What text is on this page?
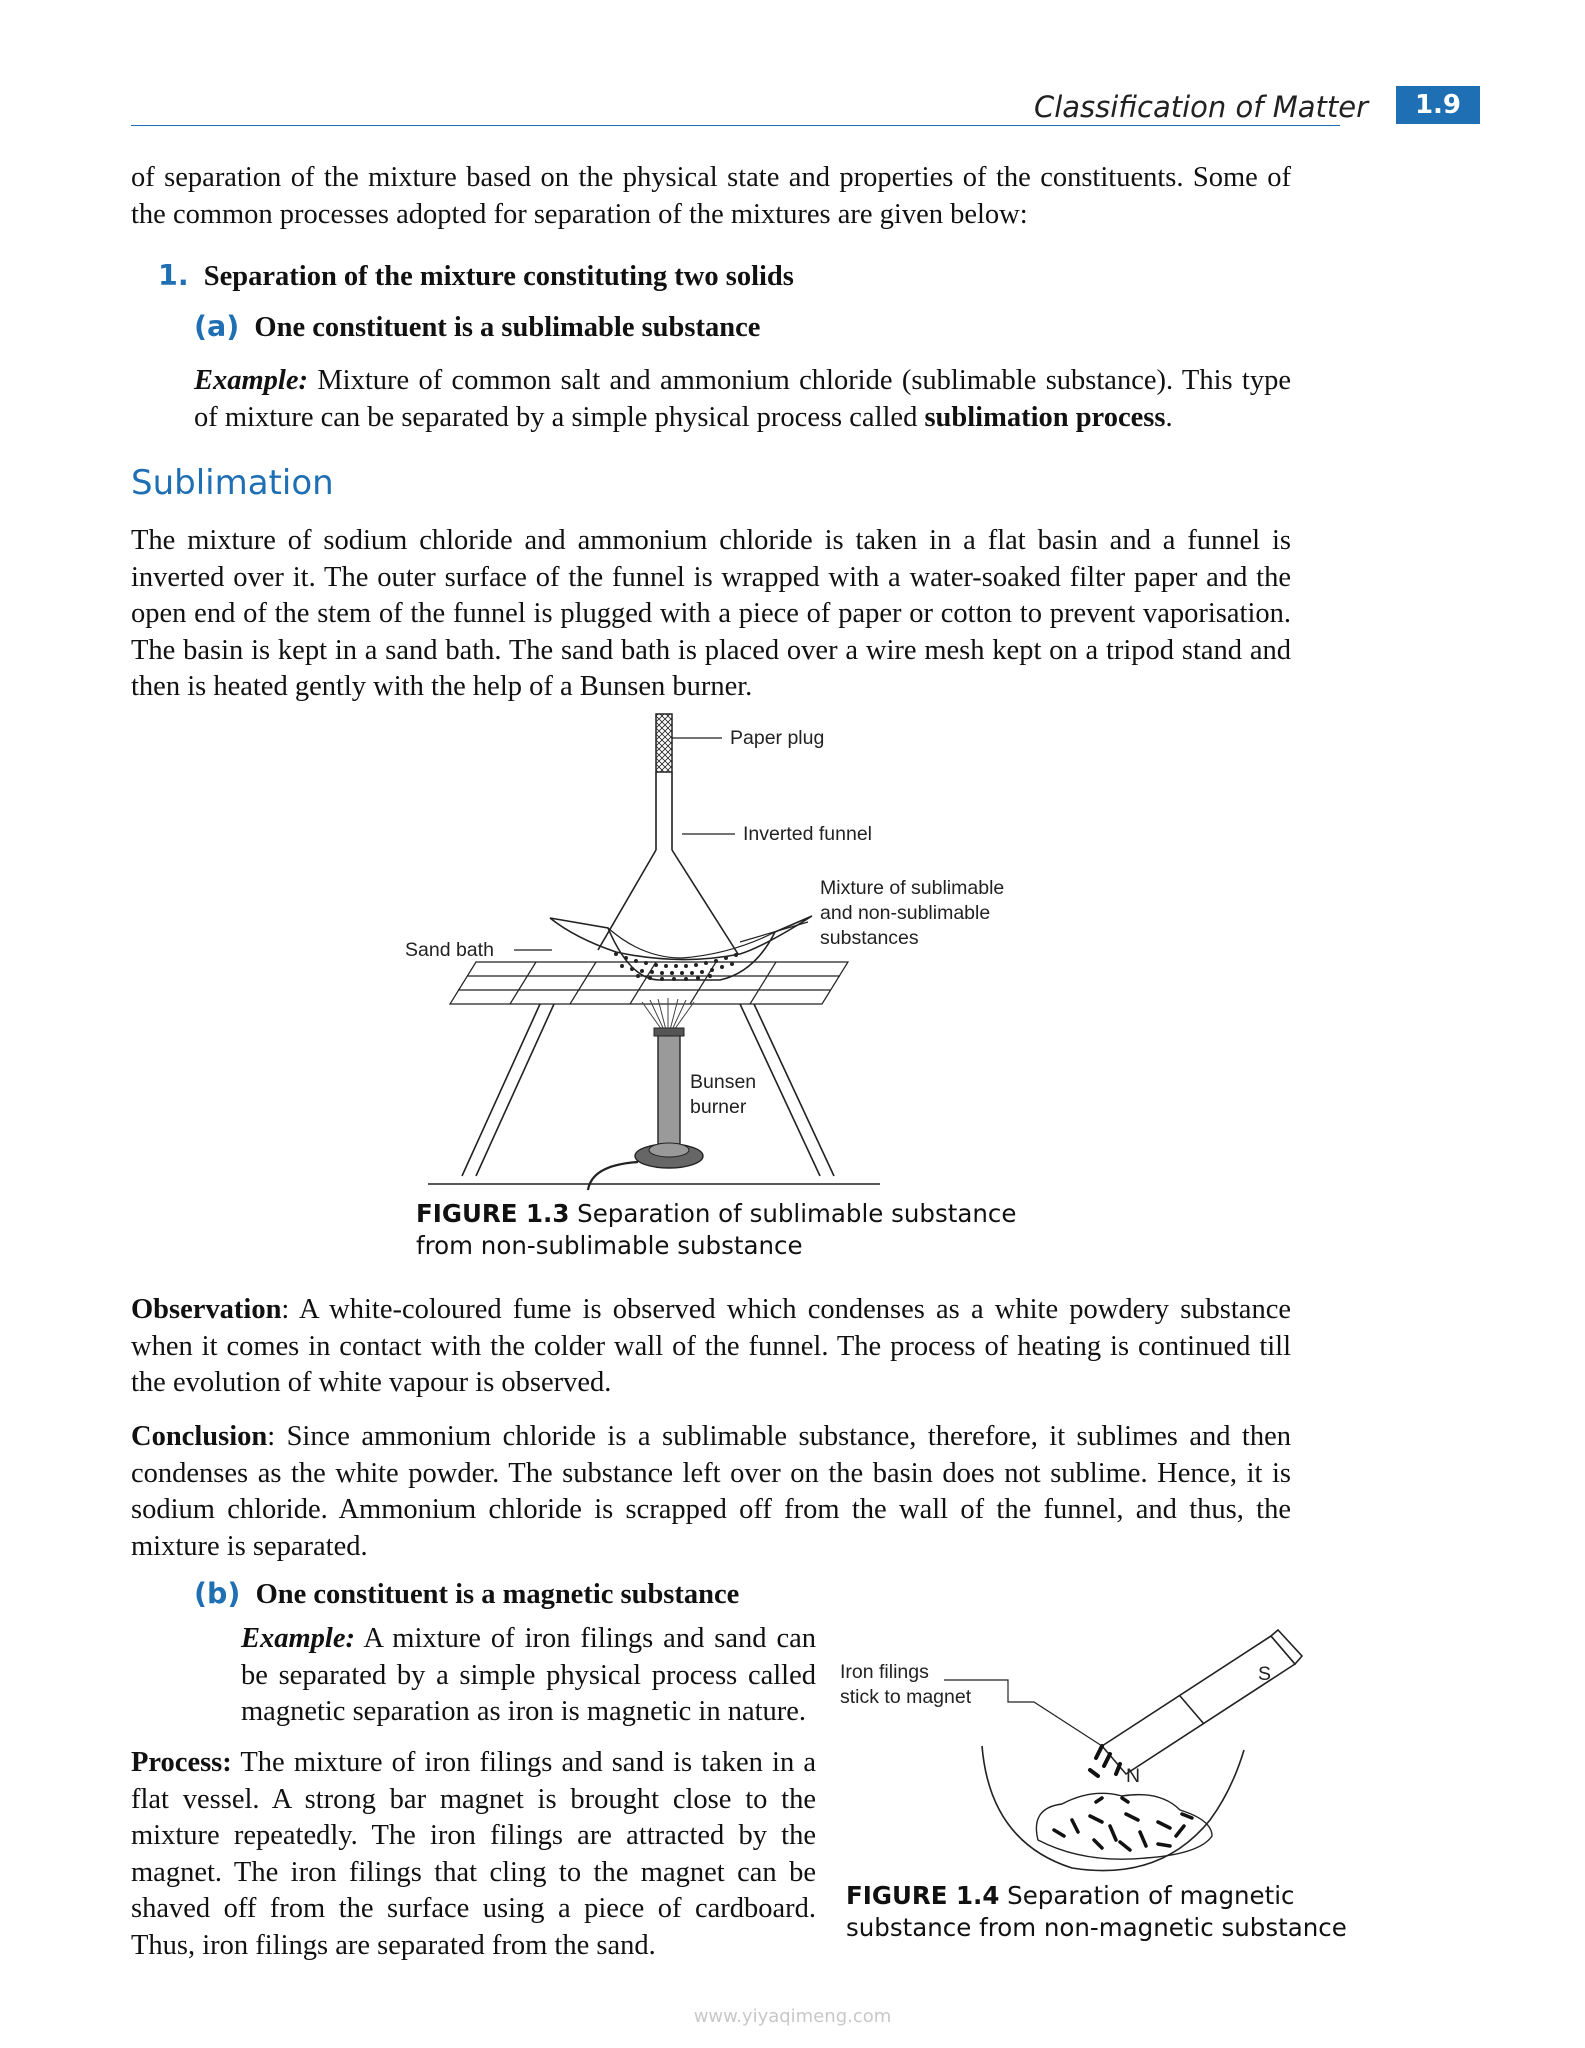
Classification of Matter	1.9
of separation of the mixture based on the physical state and properties of the constituents. Some of the common processes adopted for separation of the mixtures are given below:
1. Separation of the mixture constituting two solids
(a) One constituent is a sublimable substance
Example: Mixture of common salt and ammonium chloride (sublimable substance). This type of mixture can be separated by a simple physical process called sublimation process.
Sublimation
The mixture of sodium chloride and ammonium chloride is taken in a flat basin and a funnel is inverted over it. The outer surface of the funnel is wrapped with a water-soaked filter paper and the open end of the stem of the funnel is plugged with a piece of paper or cotton to prevent vaporisation. The basin is kept in a sand bath. The sand bath is placed over a wire mesh kept on a tripod stand and then is heated gently with the help of a Bunsen burner.
Paper plug
Inverted funnel
Mixture of sublimable
and non-sublimable
substances
Sand bath
Bunsen
burner
FIGURE 1.3 Separation of sublimable substance
from non-sublimable substance
Observation: A white-coloured fume is observed which condenses as a white powdery substance when it comes in contact with the colder wall of the funnel. The process of heating is continued till the evolution of white vapour is observed.
Conclusion: Since ammonium chloride is a sublimable substance, therefore, it sublimes and then condenses as the white powder. The substance left over on the basin does not sublime. Hence, it is sodium chloride. Ammonium chloride is scrapped off from the wall of the funnel, and thus, the mixture is separated.
(b) One constituent is a magnetic substance
Example: A mixture of iron filings and sand can be separated by a simple physical process called magnetic separation as iron is magnetic in nature.
Process: The mixture of iron filings and sand is taken in a flat vessel. A strong bar magnet is brought close to the mixture repeatedly. The iron filings are attracted by the magnet. The iron filings that cling to the magnet can be shaved off from the surface using a piece of cardboard. Thus, iron filings are separated from the sand.
Iron filings
stick to magnet
S
N
FIGURE 1.4 Separation of magnetic
substance from non-magnetic substance
www.yiyaqimeng.com
